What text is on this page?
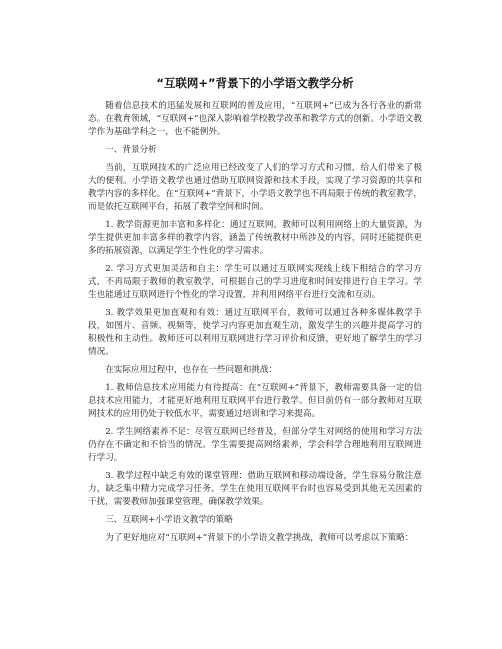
“互联网+”背景下的小学语文教学分析
随着信息技术的迅猛发展和互联网的普及应用，“互联网+”已成为各行各业的新常态。在教育领域，“互联网+”也深入影响着学校教学改革和教学方式的创新。小学语文教学作为基础学科之一，也不能例外。
一、背景分析
当前，互联网技术的广泛应用已经改变了人们的学习方式和习惯，给人们带来了极大的便利。小学语文教学也通过借助互联网资源和技术手段，实现了学习资源的共享和教学内容的多样化。在“互联网+”背景下，小学语文教学也不再局限于传统的教室教学，而是依托互联网平台，拓展了教学空间和时间。
1. 教学资源更加丰富和多样化：通过互联网，教师可以利用网络上的大量资源，为学生提供更加丰富多样的教学内容，涵盖了传统教材中所涉及的内容，同时还能提供更多的拓展资源，以满足学生个性化的学习需求。
2. 学习方式更加灵活和自主：学生可以通过互联网实现线上线下相结合的学习方式，不再局限于教师的教室教学，可根据自己的学习进度和时间安排进行自主学习。学生也能通过互联网进行个性化的学习设置，并利用网络平台进行交流和互动。
3. 教学效果更加直观和有效：通过互联网平台，教师可以通过各种多媒体教学手段，如图片、音频、视频等，使学习内容更加直观生动，激发学生的兴趣并提高学习的积极性和主动性。教师还可以利用互联网进行学习评价和反馈，更好地了解学生的学习情况。
在实际应用过程中，也存在一些问题和挑战：
1. 教师信息技术应用能力有待提高：在“互联网+”背景下，教师需要具备一定的信息技术应用能力，才能更好地利用互联网平台进行教学。但目前仍有一部分教师对互联网技术的应用仍处于较低水平，需要通过培训和学习来提高。
2. 学生网络素养不足：尽管互联网已经普及，但部分学生对网络的使用和学习方法仍存在不确定和不恰当的情况。学生需要提高网络素养，学会科学合理地利用互联网进行学习。
3. 教学过程中缺乏有效的课堂管理：借助互联网和移动端设备，学生容易分散注意力，缺乏集中精力完成学习任务。学生在使用互联网平台时也容易受到其他无关因素的干扰，需要教师加强课堂管理，确保教学效果。
三、互联网+小学语文教学的策略
为了更好地应对“互联网+”背景下的小学语文教学挑战，教师可以考虑以下策略：
